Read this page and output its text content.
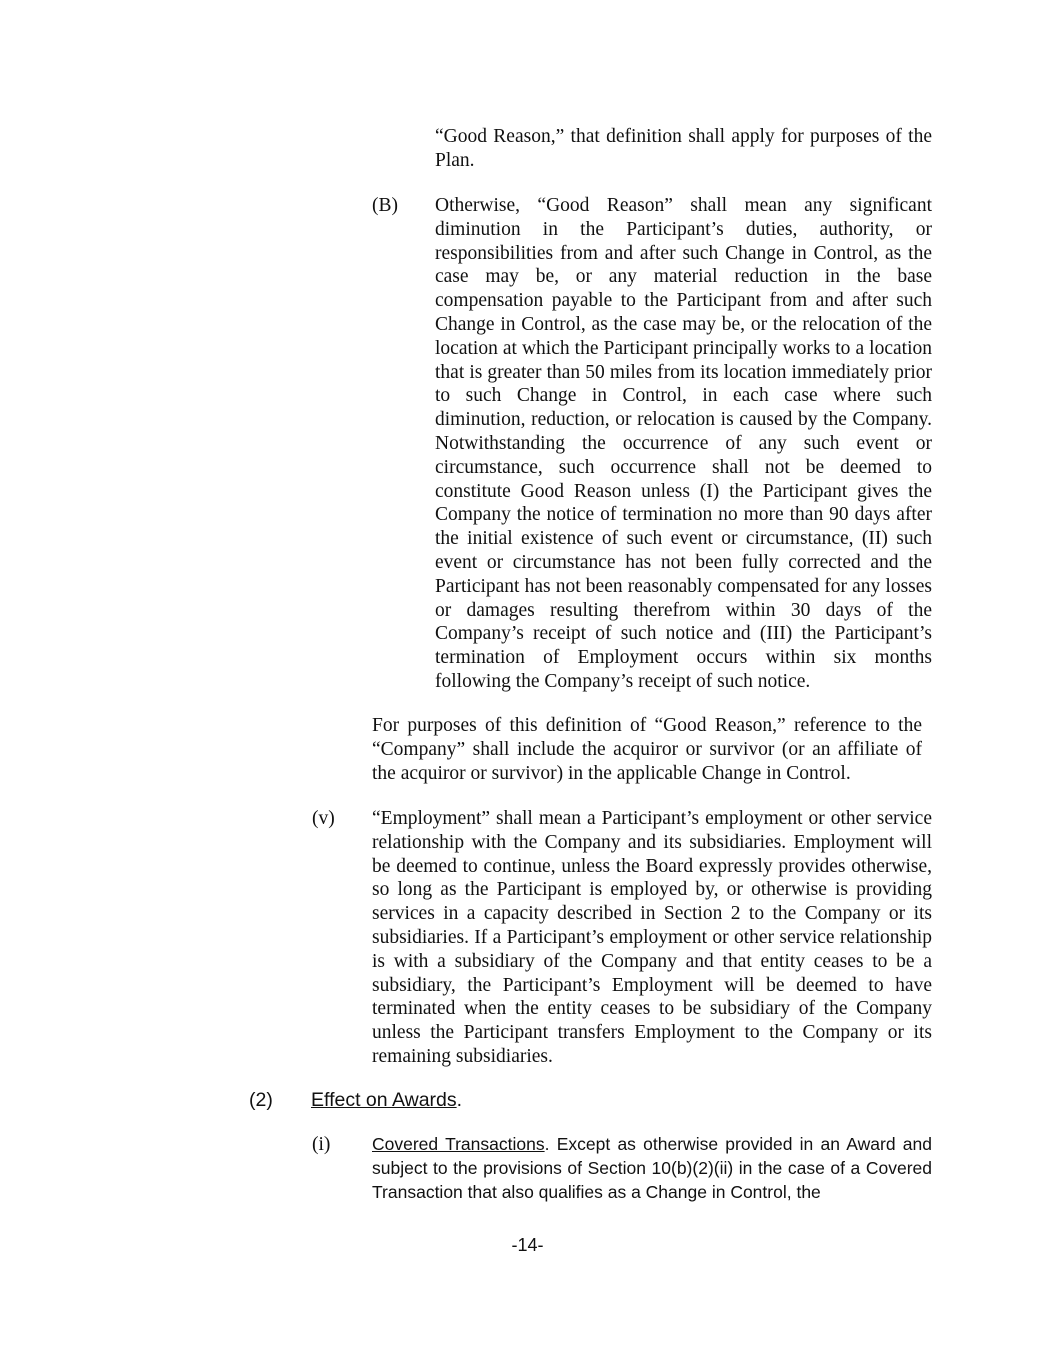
“Good Reason,” that definition shall apply for purposes of the Plan.

(B) Otherwise, “Good Reason” shall mean any significant diminution in the Participant’s duties, authority, or responsibilities from and after such Change in Control, as the case may be, or any material reduction in the base compensation payable to the Participant from and after such Change in Control, as the case may be, or the relocation of the location at which the Participant principally works to a location that is greater than 50 miles from its location immediately prior to such Change in Control, in each case where such diminution, reduction, or relocation is caused by the Company. Notwithstanding the occurrence of any such event or circumstance, such occurrence shall not be deemed to constitute Good Reason unless (I) the Participant gives the Company the notice of termination no more than 90 days after the initial existence of such event or circumstance, (II) such event or circumstance has not been fully corrected and the Participant has not been reasonably compensated for any losses or damages resulting therefrom within 30 days of the Company’s receipt of such notice and (III) the Participant’s termination of Employment occurs within six months following the Company’s receipt of such notice.

For purposes of this definition of “Good Reason,” reference to the “Company” shall include the acquiror or survivor (or an affiliate of the acquiror or survivor) in the applicable Change in Control.

(v) “Employment” shall mean a Participant’s employment or other service relationship with the Company and its subsidiaries. Employment will be deemed to continue, unless the Board expressly provides otherwise, so long as the Participant is employed by, or otherwise is providing services in a capacity described in Section 2 to the Company or its subsidiaries. If a Participant’s employment or other service relationship is with a subsidiary of the Company and that entity ceases to be a subsidiary, the Participant’s Employment will be deemed to have terminated when the entity ceases to be subsidiary of the Company unless the Participant transfers Employment to the Company or its remaining subsidiaries.

(2) Effect on Awards.

(i) Covered Transactions. Except as otherwise provided in an Award and subject to the provisions of Section 10(b)(2)(ii) in the case of a Covered Transaction that also qualifies as a Change in Control, the

-14-
